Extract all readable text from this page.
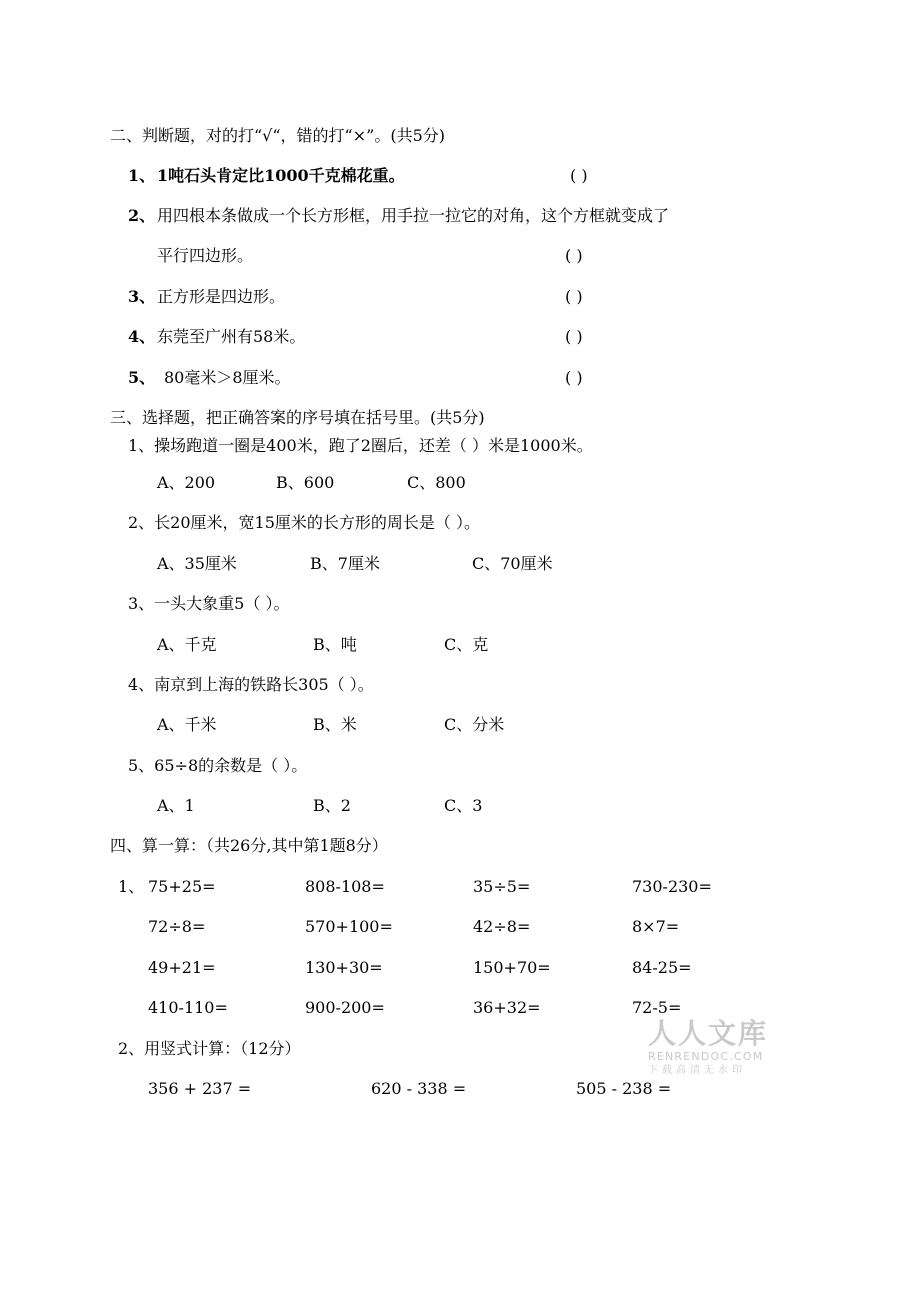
二、判断题，对的打“√“，错的打“×”。(共5分)
1、 1吨石头肯定比1000千克棉花重。	( )
2、 用四根本条做成一个长方形框，用手拉一拉它的对角，这个方框就变成了
平行四边形。	( )
3、 正方形是四边形。	( )
4、 东莞至广州有58米。	( )
5、 80毫米＞8厘米。	( )
三、选择题，把正确答案的序号填在括号里。(共5分)
1、操场跑道一圈是400米，跑了2圈后，还差（ ）米是1000米。
A、200	B、600	C、800
2、长20厘米，宽15厘米的长方形的周长是（ ）。
A、35厘米	B、7厘米	C、70厘米
3、一头大象重5（ ）。
A、千克	B、吨	C、克
4、南京到上海的铁路长305（ ）。
A、千米	B、米	C、分米
5、65÷8的余数是（ ）。
A、1	B、2	C、3
四、算一算：（共26分,其中第1题8分）
1、 75+25=	808-108=	35÷5=	730-230=
72÷8=	570+100=	42÷8=	8×7=
49+21=	130+30=	150+70=	84-25=
410-110=	900-200=	36+32=	72-5=
2、用竖式计算：（12分）
356 + 237 =	620 - 338 =	505 - 238 =
人人文库
RENRENDOC.COM
下载高清无水印
